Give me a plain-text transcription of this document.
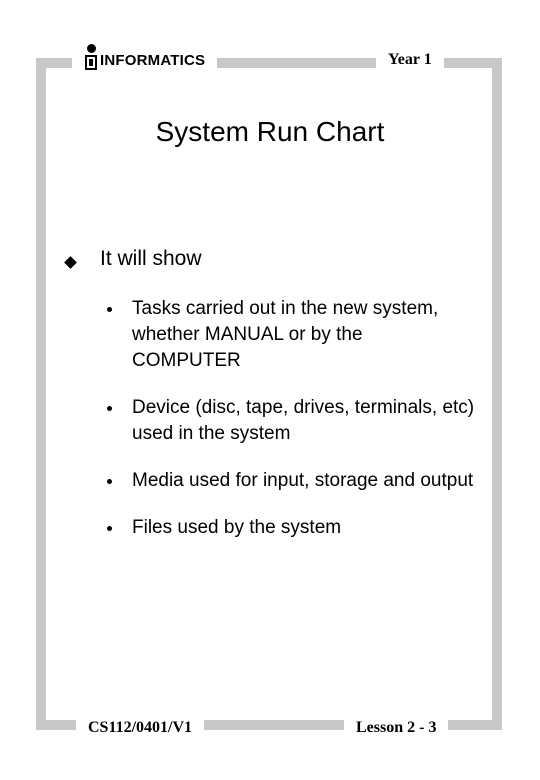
INFORMATICS	Year 1
System Run Chart
It will show
Tasks carried out in the new system, whether MANUAL or by the COMPUTER
Device (disc, tape, drives, terminals, etc) used in the system
Media used for input, storage and output
Files used by the system
CS112/0401/V1	Lesson 2 - 3
